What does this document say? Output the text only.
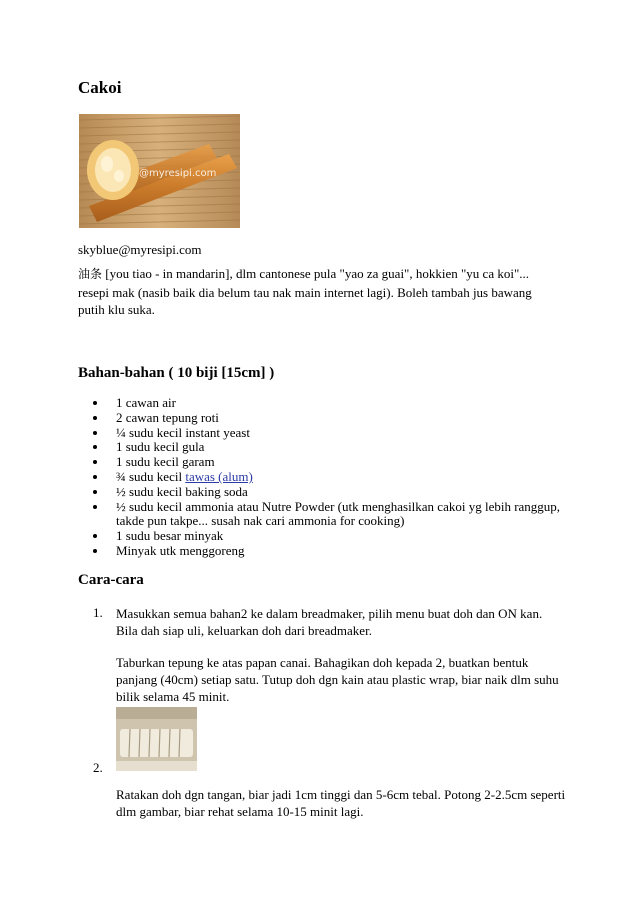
Cakoi
@myresipi.com
skyblue@myresipi.com

油条 [you tiao - in mandarin], dlm cantonese pula "yao za guai", hokkien "yu ca koi"... resepi mak (nasib baik dia belum tau nak main internet lagi). Boleh tambah jus bawang putih klu suka.

Bahan-bahan ( 10 biji [15cm] )
1 cawan air
2 cawan tepung roti
¼ sudu kecil instant yeast
1 sudu kecil gula
1 sudu kecil garam
¾ sudu kecil tawas (alum)
½ sudu kecil baking soda
½ sudu kecil ammonia atau Nutre Powder (utk menghasilkan cakoi yg lebih ranggup, takde pun takpe... susah nak cari ammonia for cooking)
1 sudu besar minyak
Minyak utk menggoreng
Cara-cara
1. Masukkan semua bahan2 ke dalam breadmaker, pilih menu buat doh dan ON kan. Bila dah siap uli, keluarkan doh dari breadmaker.
Taburkan tepung ke atas papan canai. Bahagikan doh kepada 2, buatkan bentuk panjang (40cm) setiap satu. Tutup doh dgn kain atau plastic wrap, biar naik dlm suhu bilik selama 45 minit.
2.
Ratakan doh dgn tangan, biar jadi 1cm tinggi dan 5-6cm tebal. Potong 2-2.5cm seperti dlm gambar, biar rehat selama 10-15 minit lagi.
